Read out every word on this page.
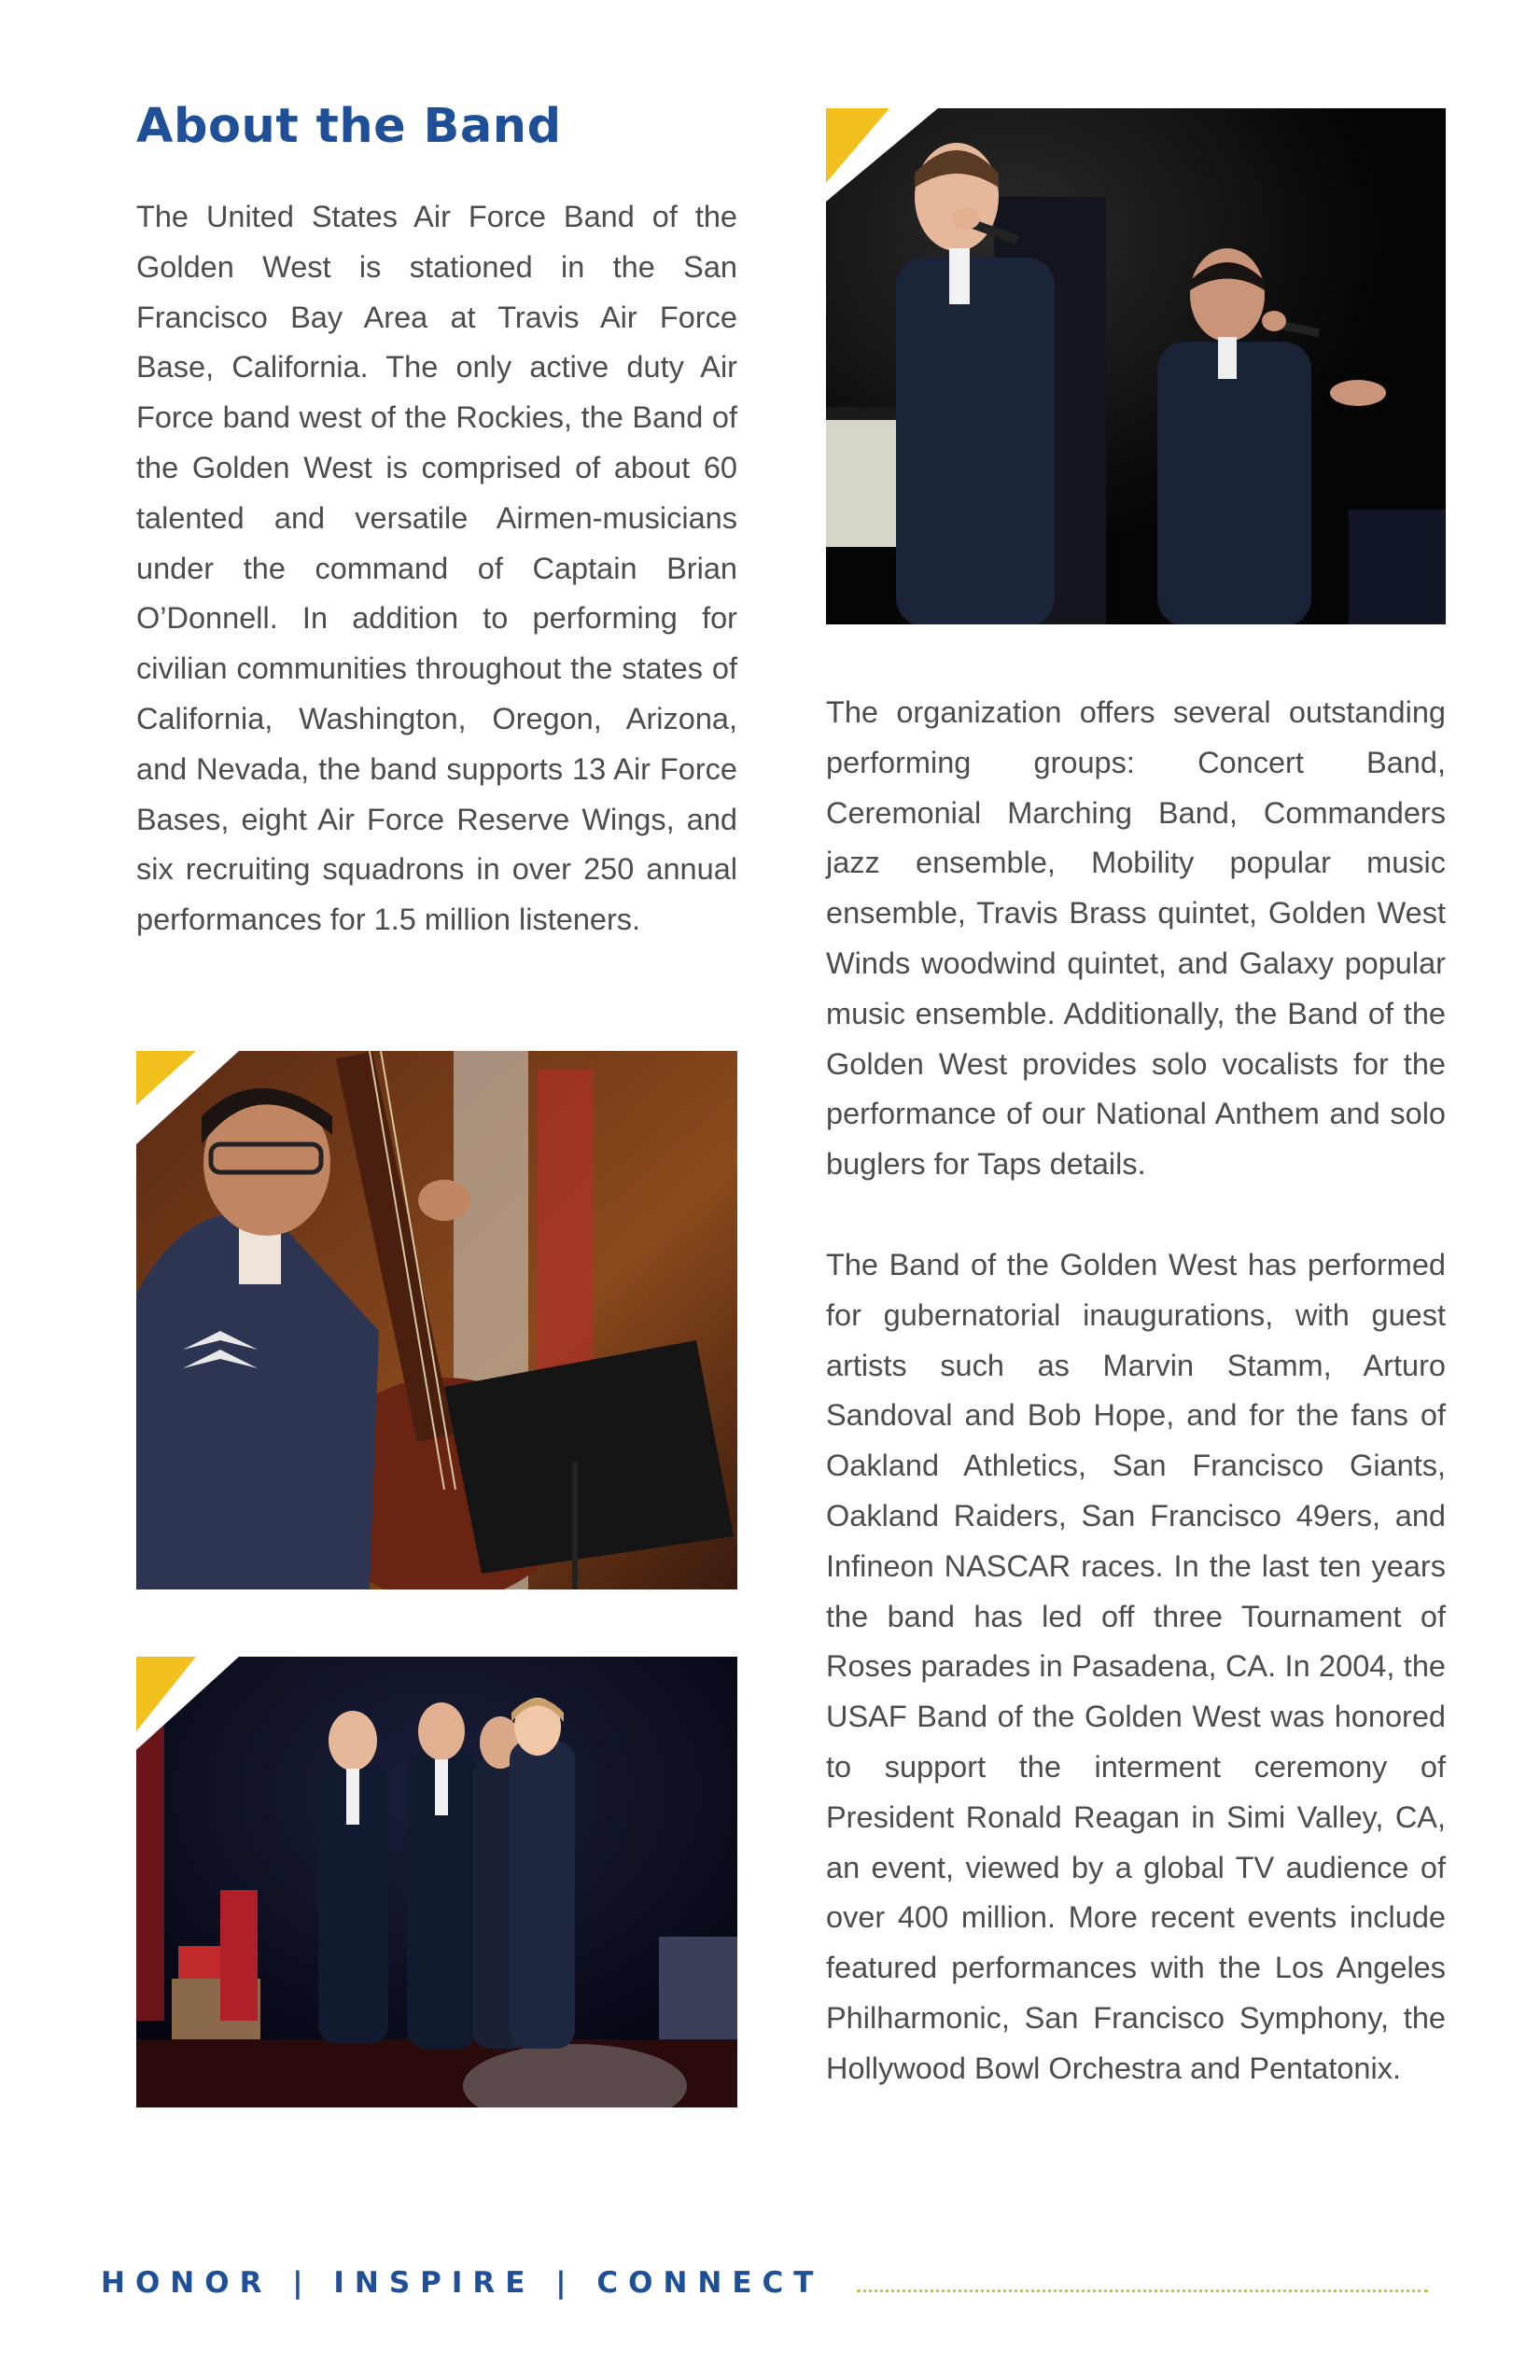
About the Band

The United States Air Force Band of the Golden West is stationed in the San Francisco Bay Area at Travis Air Force Base, California. The only active duty Air Force band west of the Rockies, the Band of the Golden West is comprised of about 60 talented and versatile Airmen-musicians under the command of Captain Brian O’Donnell. In addition to performing for civilian communities throughout the states of California, Washington, Oregon, Arizona, and Nevada, the band supports 13 Air Force Bases, eight Air Force Reserve Wings, and six recruiting squadrons in over 250 annual performances for 1.5 million listeners.

The organization offers several outstanding performing groups: Concert Band, Ceremonial Marching Band, Commanders jazz ensemble, Mobility popular music ensemble, Travis Brass quintet, Golden West Winds woodwind quintet, and Galaxy popular music ensemble. Additionally, the Band of the Golden West provides solo vocalists for the performance of our National Anthem and solo buglers for Taps details.

The Band of the Golden West has performed for gubernatorial inaugurations, with guest artists such as Marvin Stamm, Arturo Sandoval and Bob Hope, and for the fans of Oakland Athletics, San Francisco Giants, Oakland Raiders, San Francisco 49ers, and Infineon NASCAR races. In the last ten years the band has led off three Tournament of Roses parades in Pasadena, CA. In 2004, the USAF Band of the Golden West was honored to support the interment ceremony of President Ronald Reagan in Simi Valley, CA, an event, viewed by a global TV audience of over 400 million. More recent events include featured performances with the Los Angeles Philharmonic, San Francisco Symphony, the Hollywood Bowl Orchestra and Pentatonix.

HONOR | INSPIRE | CONNECT
